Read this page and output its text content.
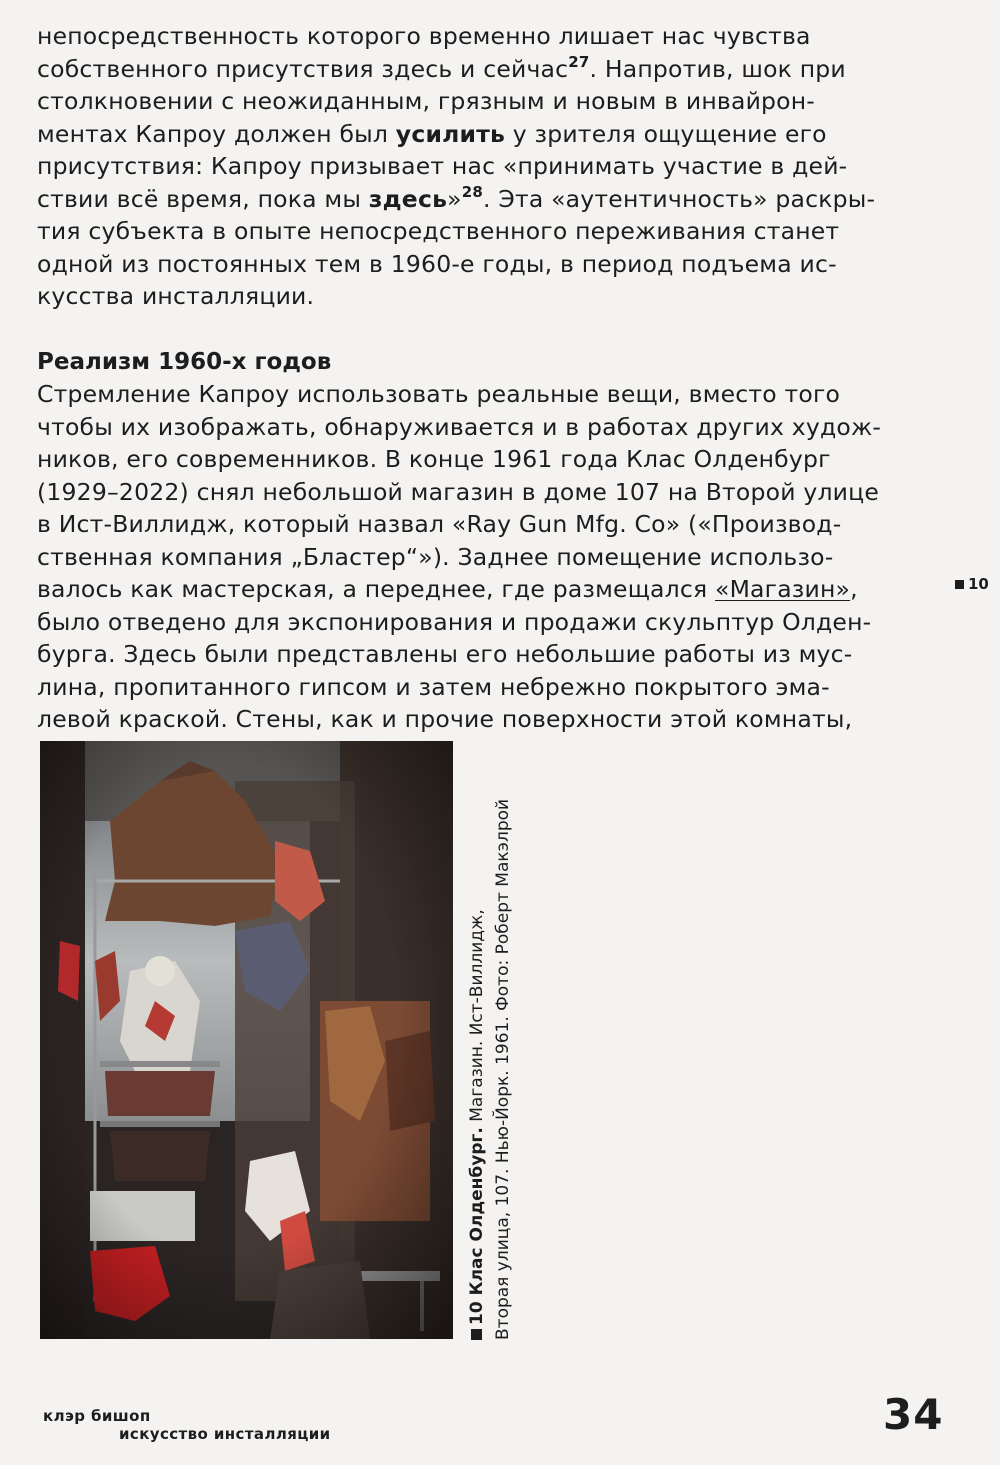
непосредственность которого временно лишает нас чувства
собственного присутствия здесь и сейчас$^{27}$. Напротив, шок при
столкновении с неожиданным, грязным и новым в инвайрон-
ментах Капроу должен был усилить у зрителя ощущение его
присутствия: Капроу призывает нас «принимать участие в дей-
ствии всё время, пока мы здесь»$^{28}$. Эта «аутентичность» раскры-
тия субъекта в опыте непосредственного переживания станет
одной из постоянных тем в 1960-е годы, в период подъема ис-
кусства инсталляции.
Реализм 1960-х годов
Стремление Капроу использовать реальные вещи, вместо того
чтобы их изображать, обнаруживается и в работах других худож-
ников, его современников. В конце 1961 года Клас Олденбург
(1929–2022) снял небольшой магазин в доме 107 на Второй улице
в Ист-Виллидж, который назвал «Ray Gun Mfg. Co» («Производ-
ственная компания „Бластер“»). Заднее помещение использо-
валось как мастерская, а переднее, где размещался «Магазин»,
было отведено для экспонирования и продажи скульптур Олден-
бурга. Здесь были представлены его небольшие работы из мус-
лина, пропитанного гипсом и затем небрежно покрытого эма-
левой краской. Стены, как и прочие поверхности этой комнаты,
10
10Клас Олденбург. Магазин. Ист-Виллидж, Вторая улица, 107. Нью-Йорк. 1961. Фото: Роберт Макэлрой
клэр бишоп
искусство инсталляции	34
